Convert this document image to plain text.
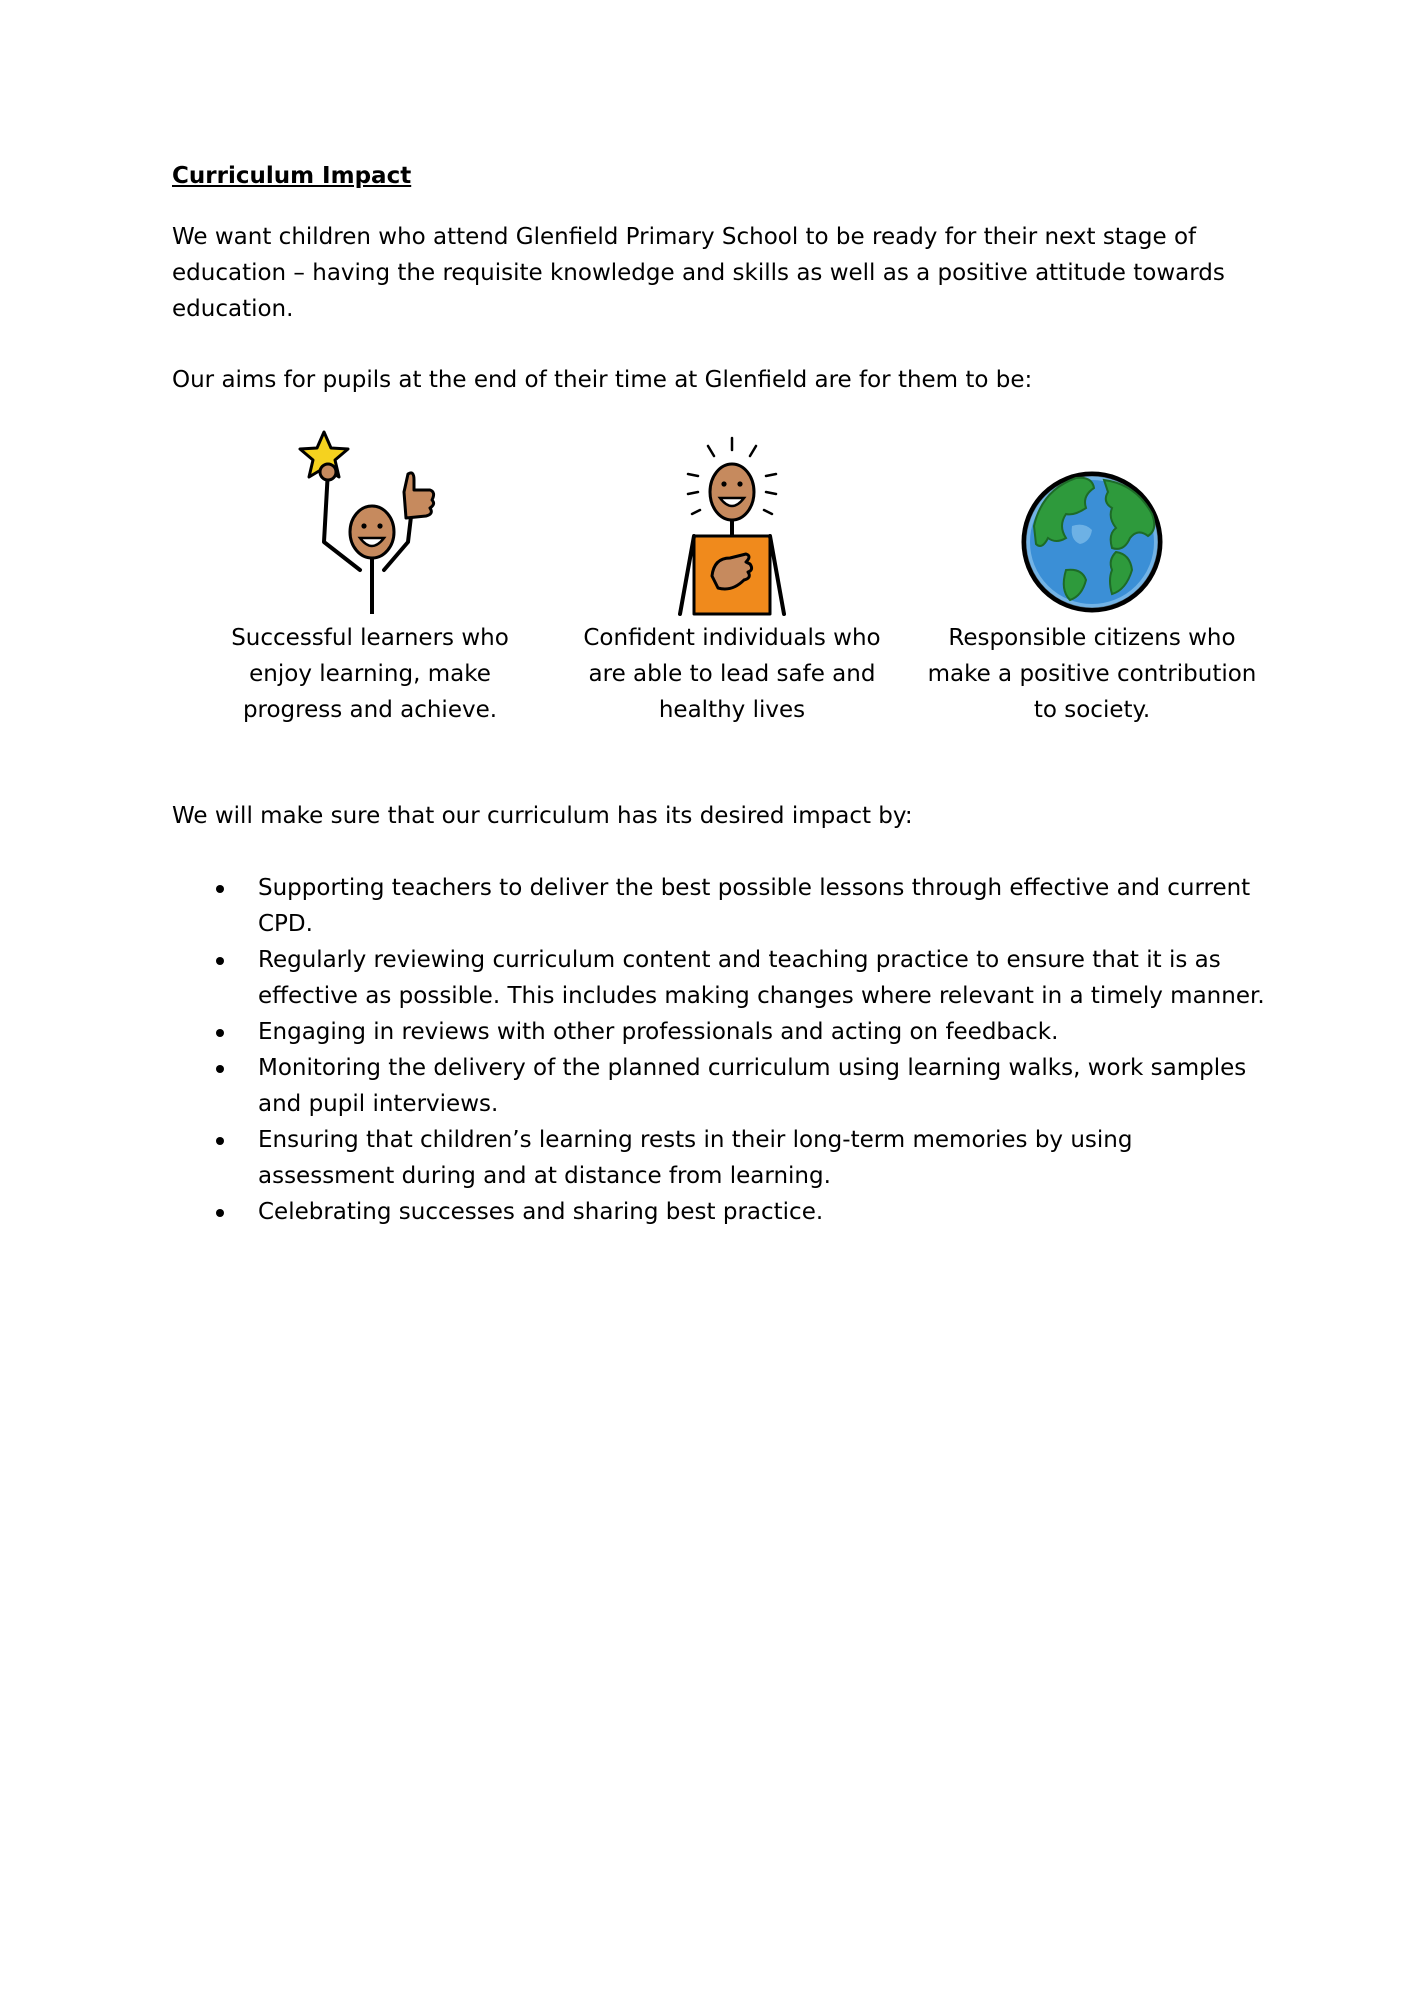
Curriculum Impact

We want children who attend Glenfield Primary School to be ready for their next stage of education – having the requisite knowledge and skills as well as a positive attitude towards education.

Our aims for pupils at the end of their time at Glenfield are for them to be:

Successful learners who enjoy learning, make progress and achieve.
Confident individuals who are able to lead safe and healthy lives
Responsible citizens who make a positive contribution to society.

We will make sure that our curriculum has its desired impact by:

Supporting teachers to deliver the best possible lessons through effective and current CPD.
Regularly reviewing curriculum content and teaching practice to ensure that it is as effective as possible. This includes making changes where relevant in a timely manner.
Engaging in reviews with other professionals and acting on feedback.
Monitoring the delivery of the planned curriculum using learning walks, work samples and pupil interviews.
Ensuring that children’s learning rests in their long-term memories by using assessment during and at distance from learning.
Celebrating successes and sharing best practice.
